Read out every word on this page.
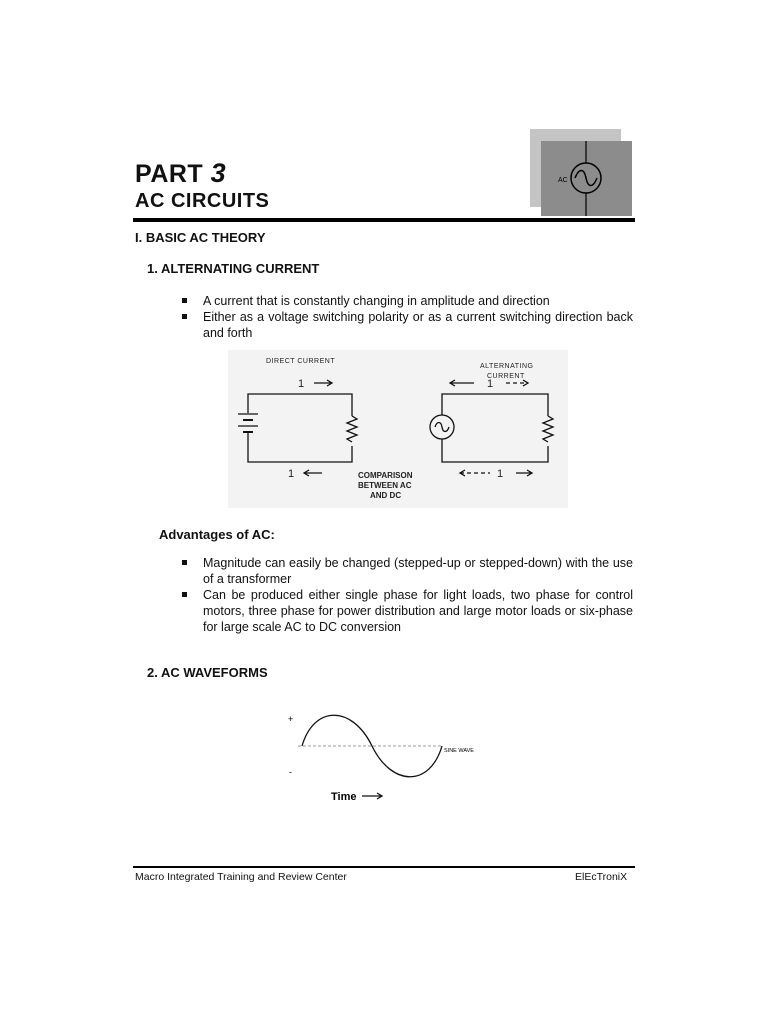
AC
PART 3
AC CIRCUITS
I. BASIC AC THEORY
1. ALTERNATING CURRENT
A current that is constantly changing in amplitude and direction
Either as a voltage switching polarity or as a current switching direction back and forth
DIRECT CURRENT
1
1
ALTERNATING
CURRENT
1
1
COMPARISON
BETWEEN AC
AND DC
Advantages of AC:
Magnitude can easily be changed (stepped-up or stepped-down) with the use of a transformer
Can be produced either single phase for light loads, two phase for control motors, three phase for power distribution and large motor loads or six-phase for large scale AC to DC conversion
2. AC WAVEFORMS
+
-
SINE WAVE
Time
Macro Integrated Training and Review Center	ElEcTroniX
